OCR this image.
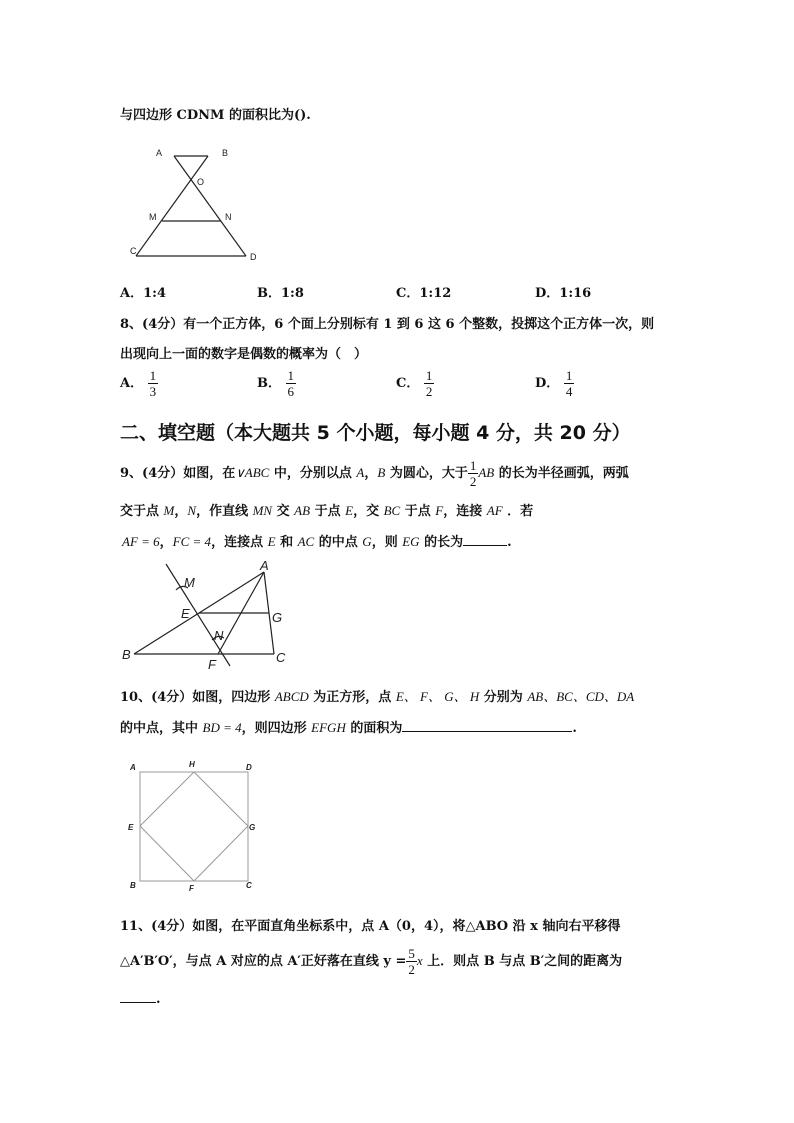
与四边形 CDNM 的面积比为().
A	B
O
M	N
C
D
A．1:4	B．1:8	C．1:12	D．1:16
8、(4分）有一个正方体，6 个面上分别标有 1 到 6 这 6 个整数，投掷这个正方体一次，则
出现向上一面的数字是偶数的概率为（　）
A． $\frac{1}{3}$	B． $\frac{1}{6}$	C． $\frac{1}{2}$	D． $\frac{1}{4}$
二、填空题（本大题共 5 个小题，每小题 4 分，共 20 分）
9、(4分）如图，在∨ABC 中，分别以点 A，B 为圆心，大于 $\frac{1}{2}$ AB 的长为半径画弧，两弧
交于点 M，N，作直线 MN 交 AB 于点 E，交 BC 于点 F，连接 AF ．若
AF = 6，FC = 4，连接点 E 和 AC 的中点 G，则 EG 的长为	.
A
M
E	G
N
B
F	C
10、(4分）如图，四边形 ABCD 为正方形，点 E、 F、 G、 H 分别为 AB、BC、CD、DA
的中点，其中 BD = 4，则四边形 EFGH 的面积为	.
A	H	D
E	G
B	F	C
11、(4分）如图，在平面直角坐标系中，点 A（0，4），将△ABO 沿 x 轴向右平移得
△A′B′O′，与点 A 对应的点 A′正好落在直线 $y = \frac{5}{2}$ x 上．则点 B 与点 B′之间的距离为
.
